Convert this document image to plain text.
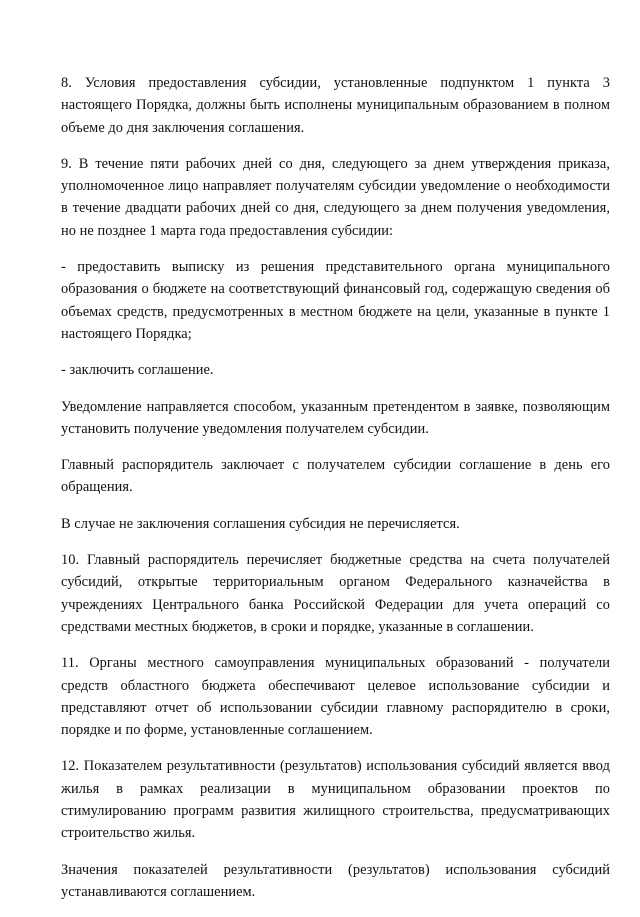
8. Условия предоставления субсидии, установленные подпунктом 1 пункта 3 настоящего Порядка, должны быть исполнены муниципальным образованием в полном объеме до дня заключения соглашения.

9. В течение пяти рабочих дней со дня, следующего за днем утверждения приказа, уполномоченное лицо направляет получателям субсидии уведомление о необходимости в течение двадцати рабочих дней со дня, следующего за днем получения уведомления, но не позднее 1 марта года предоставления субсидии:

- предоставить выписку из решения представительного органа муниципального образования о бюджете на соответствующий финансовый год, содержащую сведения об объемах средств, предусмотренных в местном бюджете на цели, указанные в пункте 1 настоящего Порядка;

- заключить соглашение.

Уведомление направляется способом, указанным претендентом в заявке, позволяющим установить получение уведомления получателем субсидии.

Главный распорядитель заключает с получателем субсидии соглашение в день его обращения.

В случае не заключения соглашения субсидия не перечисляется.

10. Главный распорядитель перечисляет бюджетные средства на счета получателей субсидий, открытые территориальным органом Федерального казначейства в учреждениях Центрального банка Российской Федерации для учета операций со средствами местных бюджетов, в сроки и порядке, указанные в соглашении.

11. Органы местного самоуправления муниципальных образований - получатели средств областного бюджета обеспечивают целевое использование субсидии и представляют отчет об использовании субсидии главному распорядителю в сроки, порядке и по форме, установленные соглашением.

12. Показателем результативности (результатов) использования субсидий является ввод жилья в рамках реализации в муниципальном образовании проектов по стимулированию программ развития жилищного строительства, предусматривающих строительство жилья.

Значения показателей результативности (результатов) использования субсидий устанавливаются соглашением.
